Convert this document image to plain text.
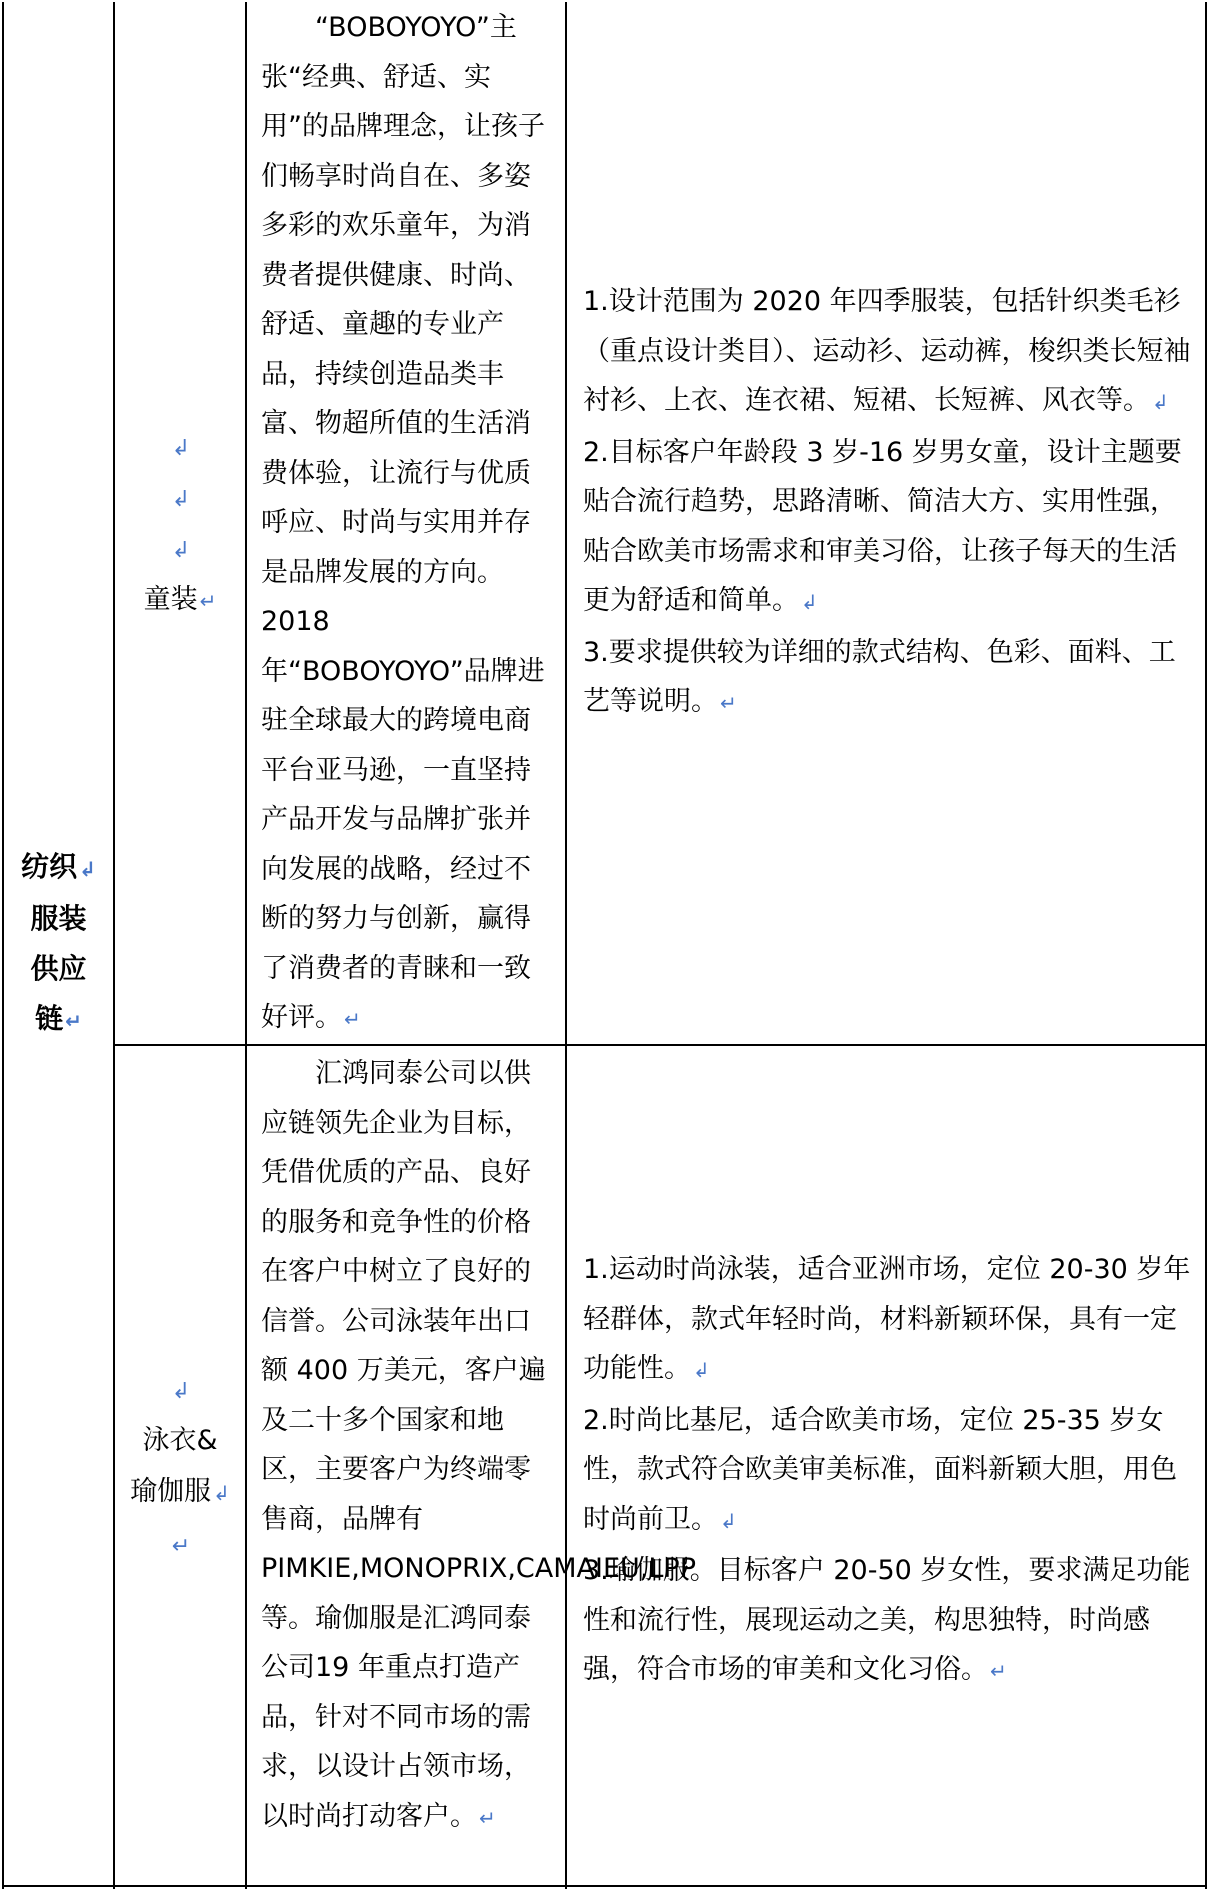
纺织 ↲
服装
供应
链 ↵
↲
↲
↲
童装 ↵
“BOBOYOYO”主张“经典、舒适、实用”的品牌理念，让孩子们畅享时尚自在、多姿多彩的欢乐童年，为消费者提供健康、时尚、舒适、童趣的专业产品，持续创造品类丰富、物超所值的生活消费体验，让流行与优质呼应、时尚与实用并存是品牌发展的方向。2018年“BOBOYOYO”品牌进驻全球最大的跨境电商平台亚马逊，一直坚持产品开发与品牌扩张并向发展的战略，经过不断的努力与创新，赢得了消费者的青睐和一致好评。 ↵

1.设计范围为 2020 年四季服装，包括针织类毛衫（重点设计类目）、运动衫、运动裤，梭织类长短袖衬衫、上衣、连衣裙、短裙、长短裤、风衣等。 ↲

2.目标客户年龄段 3 岁-16 岁男女童，设计主题要贴合流行趋势，思路清晰、简洁大方、实用性强，贴合欧美市场需求和审美习俗，让孩子每天的生活更为舒适和简单。 ↲

3.要求提供较为详细的款式结构、色彩、面料、工艺等说明。 ↵

↲
泳衣&
瑜伽服 ↲
↵
汇鸿同泰公司以供应链领先企业为目标，凭借优质的产品、良好的服务和竞争性的价格在客户中树立了良好的信誉。公司泳装年出口额 400 万美元，客户遍及二十多个国家和地区，主要客户为终端零售商，品牌有PIMKIE,MONOPRIX,CAMAIEU,LPP 等。瑜伽服是汇鸿同泰公司19 年重点打造产品，针对不同市场的需求，以设计占领市场，以时尚打动客户。 ↵

1.运动时尚泳装，适合亚洲市场，定位 20-30 岁年轻群体，款式年轻时尚，材料新颖环保，具有一定功能性。 ↲

2.时尚比基尼，适合欧美市场，定位 25-35 岁女性，款式符合欧美审美标准，面料新颖大胆，用色时尚前卫。 ↲

3.瑜伽服。目标客户 20-50 岁女性，要求满足功能性和流行性，展现运动之美，构思独特，时尚感强，符合市场的审美和文化习俗。 ↵
